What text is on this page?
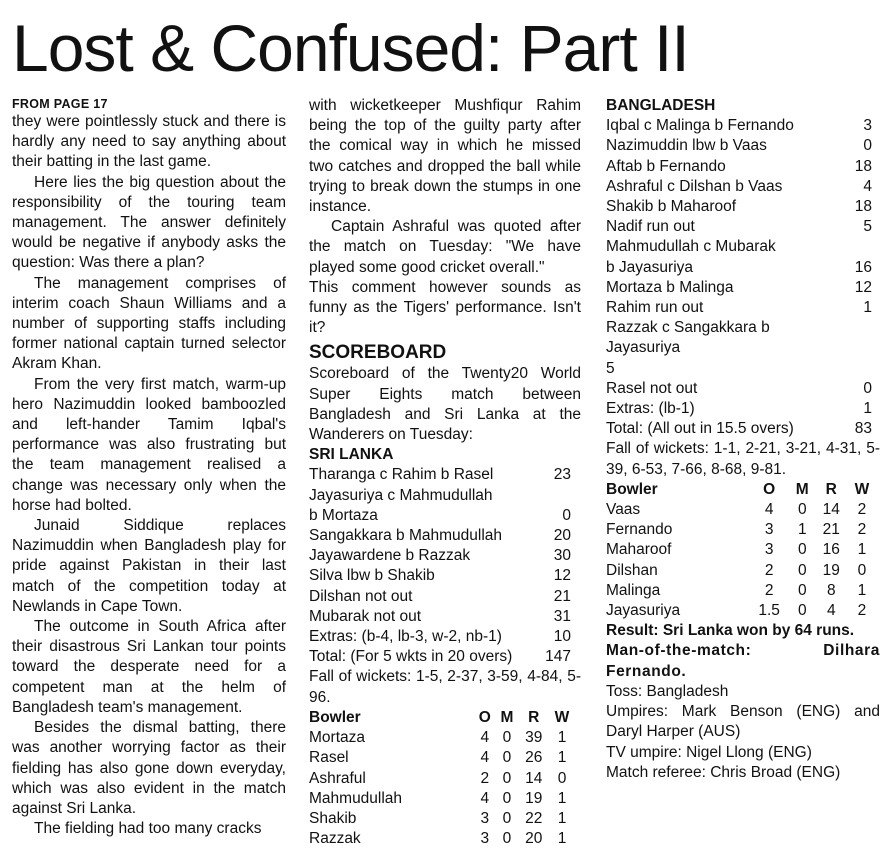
Lost & Confused: Part II
FROM PAGE 17

they were pointlessly stuck and there is hardly any need to say anything about their batting in the last game.

Here lies the big question about the responsibility of the touring team management. The answer definitely would be negative if anybody asks the question: Was there a plan?

The management comprises of interim coach Shaun Williams and a number of supporting staffs including former national captain turned selector Akram Khan.

From the very first match, warm-up hero Nazimuddin looked bamboozled and left-hander Tamim Iqbal's performance was also frustrating but the team management realised a change was necessary only when the horse had bolted.

Junaid Siddique replaces Nazimuddin when Bangladesh play for pride against Pakistan in their last match of the competition today at Newlands in Cape Town.

The outcome in South Africa after their disastrous Sri Lankan tour points toward the desperate need for a competent man at the helm of Bangladesh team's management.

Besides the dismal batting, there was another worrying factor as their fielding has also gone down everyday, which was also evident in the match against Sri Lanka.

The fielding had too many cracks

with wicketkeeper Mushfiqur Rahim being the top of the guilty party after the comical way in which he missed two catches and dropped the ball while trying to break down the stumps in one instance.

Captain Ashraful was quoted after the match on Tuesday: "We have played some good cricket overall."

This comment however sounds as funny as the Tigers' performance. Isn't it?

SCOREBOARD

Scoreboard of the Twenty20 World Super Eights match between Bangladesh and Sri Lanka at the Wanderers on Tuesday:

SRI LANKA
Tharanga c Rahim b Rasel	23
Jayasuriya c Mahmudullah
b Mortaza	0
Sangakkara b Mahmudullah	20
Jayawardene b Razzak	30
Silva lbw b Shakib	12
Dilshan not out	21
Mubarak not out	31
Extras: (b-4, lb-3, w-2, nb-1)	10
Total: (For 5 wkts in 20 overs) 147

Fall of wickets: 1-5, 2-37, 3-59, 4-84, 5-96.

Bowler	O	M	R	W
Mortaza	4	0	39	1
Rasel	4	0	26	1
Ashraful	2	0	14	0
Mahmudullah	4	0	19	1
Shakib	3	0	22	1
Razzak	3	0	20	1
BANGLADESH
Iqbal c Malinga b Fernando	3
Nazimuddin lbw b Vaas	0
Aftab b Fernando	18
Ashraful c Dilshan b Vaas	4
Shakib b Maharoof	18
Nadif run out	5
Mahmudullah c Mubarak
b Jayasuriya	16
Mortaza b Malinga	12
Rahim run out	1
Razzak c Sangakkara b Jayasuriya
5
Rasel not out	0
Extras: (lb-1)	1
Total: (All out in 15.5 overs)	83

Fall of wickets: 1-1, 2-21, 3-21, 4-31, 5-39, 6-53, 7-66, 8-68, 9-81.

Bowler	O	M	R	W
Vaas	4	0	14	2
Fernando	3	1	21	2
Maharoof	3	0	16	1
Dilshan	2	0	19	0
Malinga	2	0	8	1
Jayasuriya	1.5	0	4	2

Result: Sri Lanka won by 64 runs.

Man-of-the-match: Dilhara Fernando.

Toss: Bangladesh

Umpires: Mark Benson (ENG) and Daryl Harper (AUS)

TV umpire: Nigel Llong (ENG)

Match referee: Chris Broad (ENG)
